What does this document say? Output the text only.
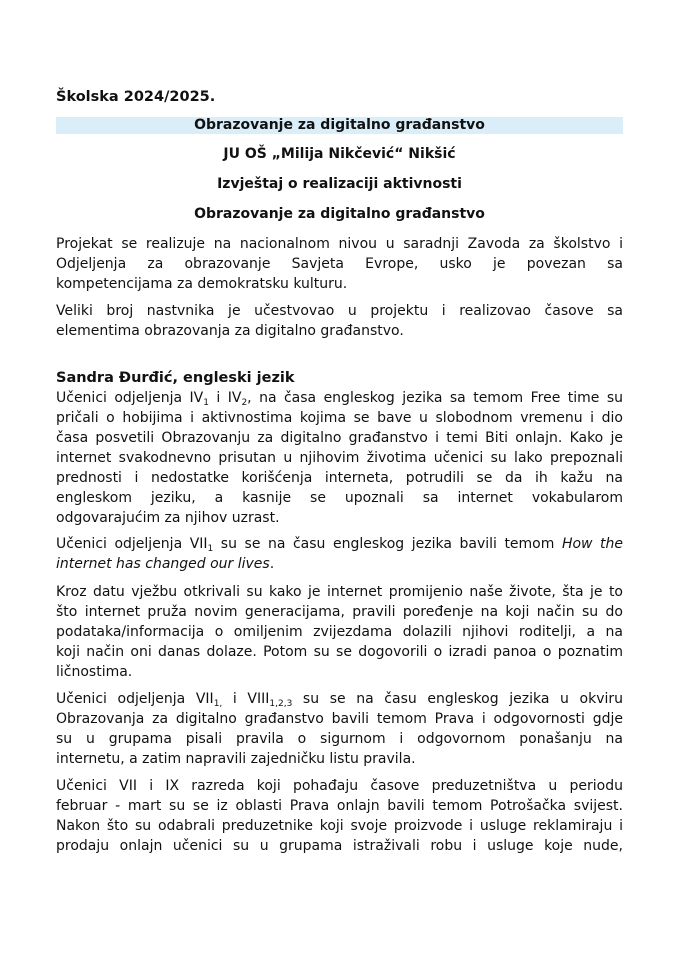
Školska 2024/2025.
Obrazovanje za digitalno građanstvo
JU OŠ „Milija Nikčević“ Nikšić
Izvještaj o realizaciji aktivnosti
Obrazovanje za digitalno građanstvo
Projekat se realizuje na nacionalnom nivou u saradnji Zavoda za školstvo i
Odjeljenja za obrazovanje Savjeta Evrope, usko je povezan sa
kompetencijama za demokratsku kulturu.
Veliki broj nastvnika je učestvovao u projektu i realizovao časove sa
elementima obrazovanja za digitalno građanstvo.
Sandra Đurđić, engleski jezik
Učenici odjeljenja $IV_1$ i $IV_2$, na časa engleskog jezika sa temom Free time su
pričali o hobijima i aktivnostima kojima se bave u slobodnom vremenu i dio
časa posvetili Obrazovanju za digitalno građanstvo i temi Biti onlajn. Kako je
internet svakodnevno prisutan u njihovim životima učenici su lako prepoznali
prednosti i nedostatke korišćenja interneta, potrudili se da ih kažu na
engleskom jeziku, a kasnije se upoznali sa internet vokabularom
odgovarajućim za njihov uzrast.
Učenici odjeljenja $VII_1$ su se na času engleskog jezika bavili temom How the
internet has changed our lives.
Kroz datu vježbu otkrivali su kako je internet promijenio naše živote, šta je to
što internet pruža novim generacijama, pravili poređenje na koji način su do
podataka/informacija o omiljenim zvijezdama dolazili njihovi roditelji, a na
koji način oni danas dolaze. Potom su se dogovorili o izradi panoa o poznatim
ličnostima.
Učenici odjeljenja $VII_{1,}$ i $VIII_{1,2,3}$ su se na času engleskog jezika u okviru
Obrazovanja za digitalno građanstvo bavili temom Prava i odgovornosti gdje
su u grupama pisali pravila o sigurnom i odgovornom ponašanju na
internetu, a zatim napravili zajedničku listu pravila.
Učenici VII i IX razreda koji pohađaju časove preduzetništva u periodu
februar - mart su se iz oblasti Prava onlajn bavili temom Potrošačka svijest.
Nakon što su odabrali preduzetnike koji svoje proizvode i usluge reklamiraju i
prodaju onlajn učenici su u grupama istraživali robu i usluge koje nude,
